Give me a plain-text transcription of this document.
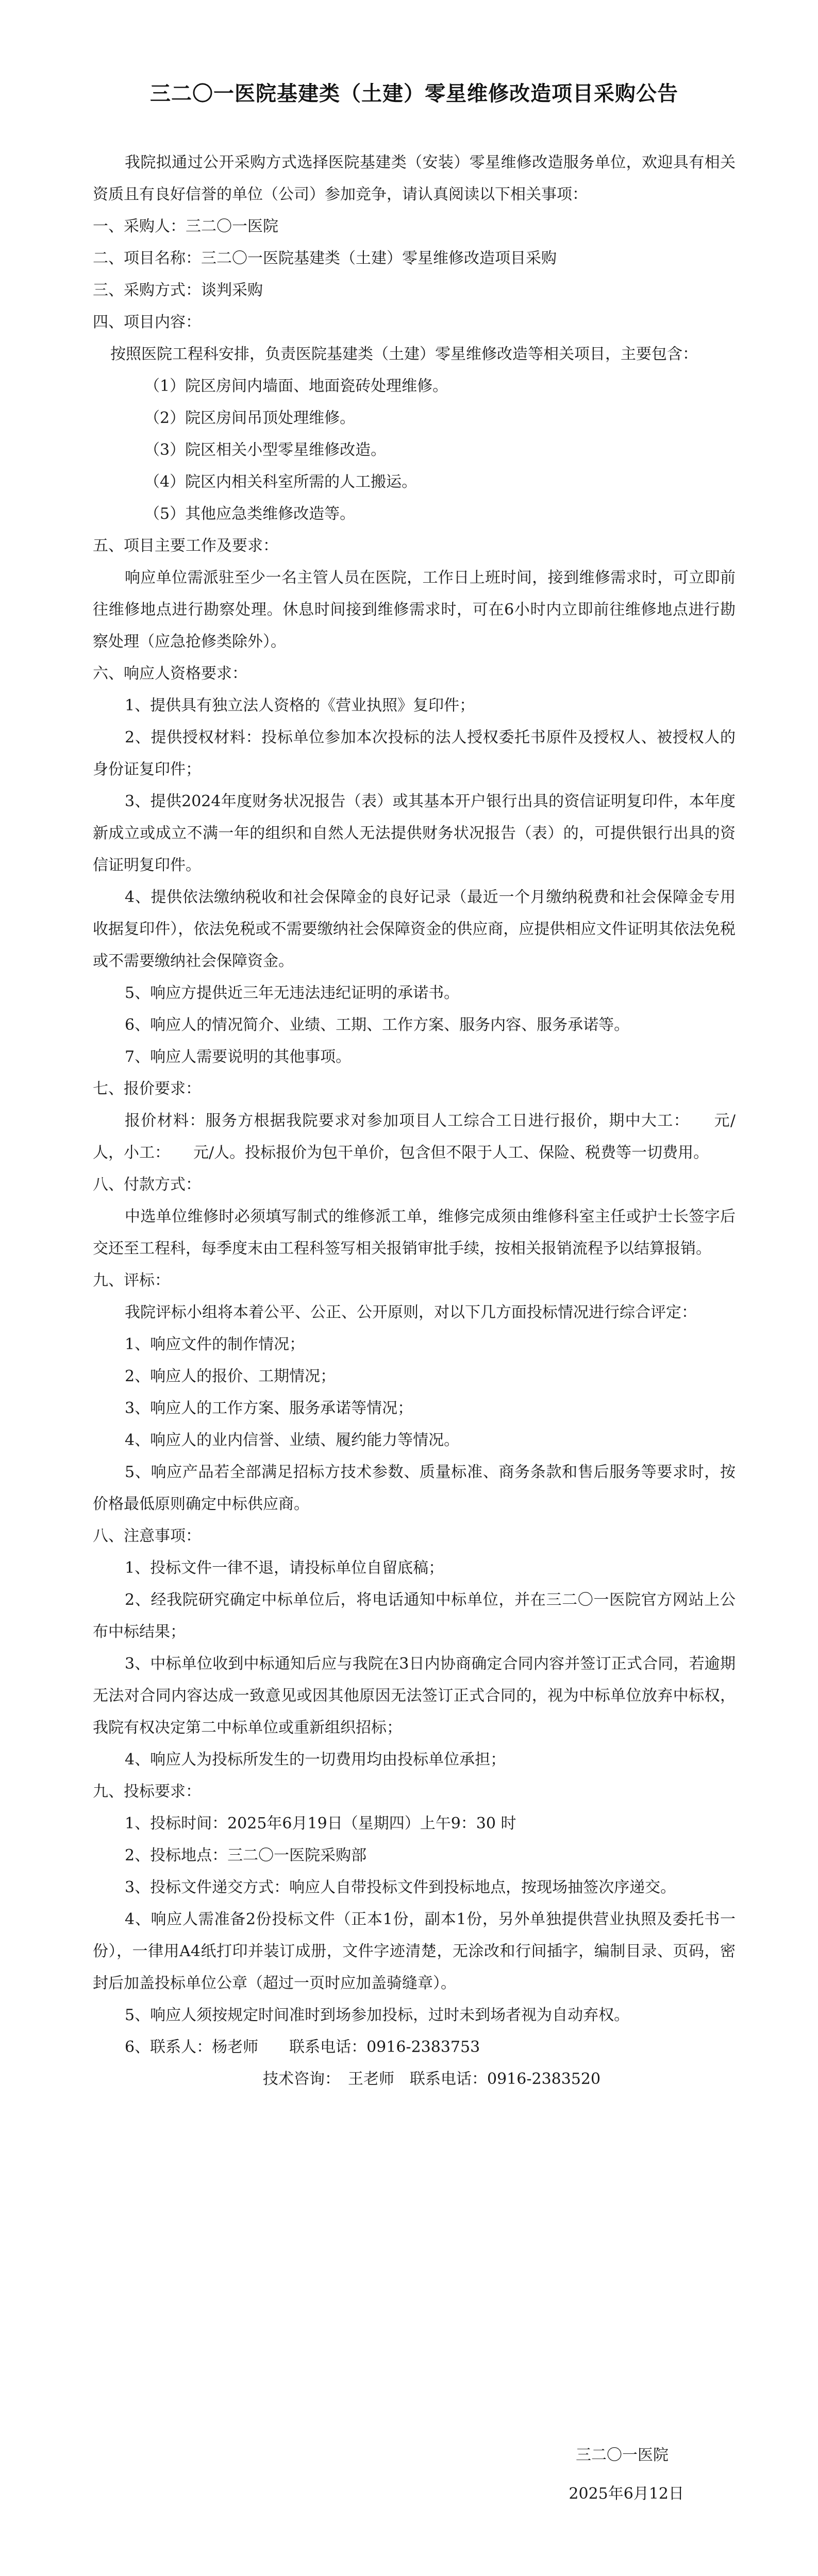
三二〇一医院基建类（土建）零星维修改造项目采购公告

我院拟通过公开采购方式选择医院基建类（安装）零星维修改造服务单位，欢迎具有相关资质且有良好信誉的单位（公司）参加竞争，请认真阅读以下相关事项：

一、采购人：三二〇一医院

二、项目名称：三二〇一医院基建类（土建）零星维修改造项目采购

三、采购方式：谈判采购

四、项目内容：

按照医院工程科安排，负责医院基建类（土建）零星维修改造等相关项目，主要包含：

（1）院区房间内墙面、地面瓷砖处理维修。

（2）院区房间吊顶处理维修。

（3）院区相关小型零星维修改造。

（4）院区内相关科室所需的人工搬运。

（5）其他应急类维修改造等。

五、项目主要工作及要求：

响应单位需派驻至少一名主管人员在医院，工作日上班时间，接到维修需求时，可立即前往维修地点进行勘察处理。休息时间接到维修需求时，可在6小时内立即前往维修地点进行勘察处理（应急抢修类除外）。

六、响应人资格要求：

1、提供具有独立法人资格的《营业执照》复印件；

2、提供授权材料：投标单位参加本次投标的法人授权委托书原件及授权人、被授权人的身份证复印件；

3、提供2024年度财务状况报告（表）或其基本开户银行出具的资信证明复印件，本年度新成立或成立不满一年的组织和自然人无法提供财务状况报告（表）的，可提供银行出具的资信证明复印件。

4、提供依法缴纳税收和社会保障金的良好记录（最近一个月缴纳税费和社会保障金专用收据复印件），依法免税或不需要缴纳社会保障资金的供应商，应提供相应文件证明其依法免税或不需要缴纳社会保障资金。

5、响应方提供近三年无违法违纪证明的承诺书。

6、响应人的情况简介、业绩、工期、工作方案、服务内容、服务承诺等。

7、响应人需要说明的其他事项。

七、报价要求：

报价材料：服务方根据我院要求对参加项目人工综合工日进行报价，期中大工：　　元/人，小工：　　元/人。投标报价为包干单价，包含但不限于人工、保险、税费等一切费用。

八、付款方式：

中选单位维修时必须填写制式的维修派工单，维修完成须由维修科室主任或护士长签字后交还至工程科，每季度末由工程科签写相关报销审批手续，按相关报销流程予以结算报销。

九、评标：

我院评标小组将本着公平、公正、公开原则，对以下几方面投标情况进行综合评定：

1、响应文件的制作情况；

2、响应人的报价、工期情况；

3、响应人的工作方案、服务承诺等情况；

4、响应人的业内信誉、业绩、履约能力等情况。

5、响应产品若全部满足招标方技术参数、质量标准、商务条款和售后服务等要求时，按价格最低原则确定中标供应商。

八、注意事项：

1、投标文件一律不退，请投标单位自留底稿；

2、经我院研究确定中标单位后，将电话通知中标单位，并在三二〇一医院官方网站上公布中标结果；

3、中标单位收到中标通知后应与我院在3日内协商确定合同内容并签订正式合同，若逾期无法对合同内容达成一致意见或因其他原因无法签订正式合同的，视为中标单位放弃中标权，我院有权决定第二中标单位或重新组织招标；

4、响应人为投标所发生的一切费用均由投标单位承担；

九、投标要求：

1、投标时间：2025年6月19日（星期四）上午9：30 时

2、投标地点：三二〇一医院采购部

3、投标文件递交方式：响应人自带投标文件到投标地点，按现场抽签次序递交。

4、响应人需准备2份投标文件（正本1份，副本1份，另外单独提供营业执照及委托书一份），一律用A4纸打印并装订成册，文件字迹清楚，无涂改和行间插字，编制目录、页码，密封后加盖投标单位公章（超过一页时应加盖骑缝章）。

5、响应人须按规定时间准时到场参加投标，过时未到场者视为自动弃权。

6、联系人：杨老师　　联系电话：0916-2383753

技术咨询：　王老师　联系电话：0916-2383520

三二〇一医院
2025年6月12日
